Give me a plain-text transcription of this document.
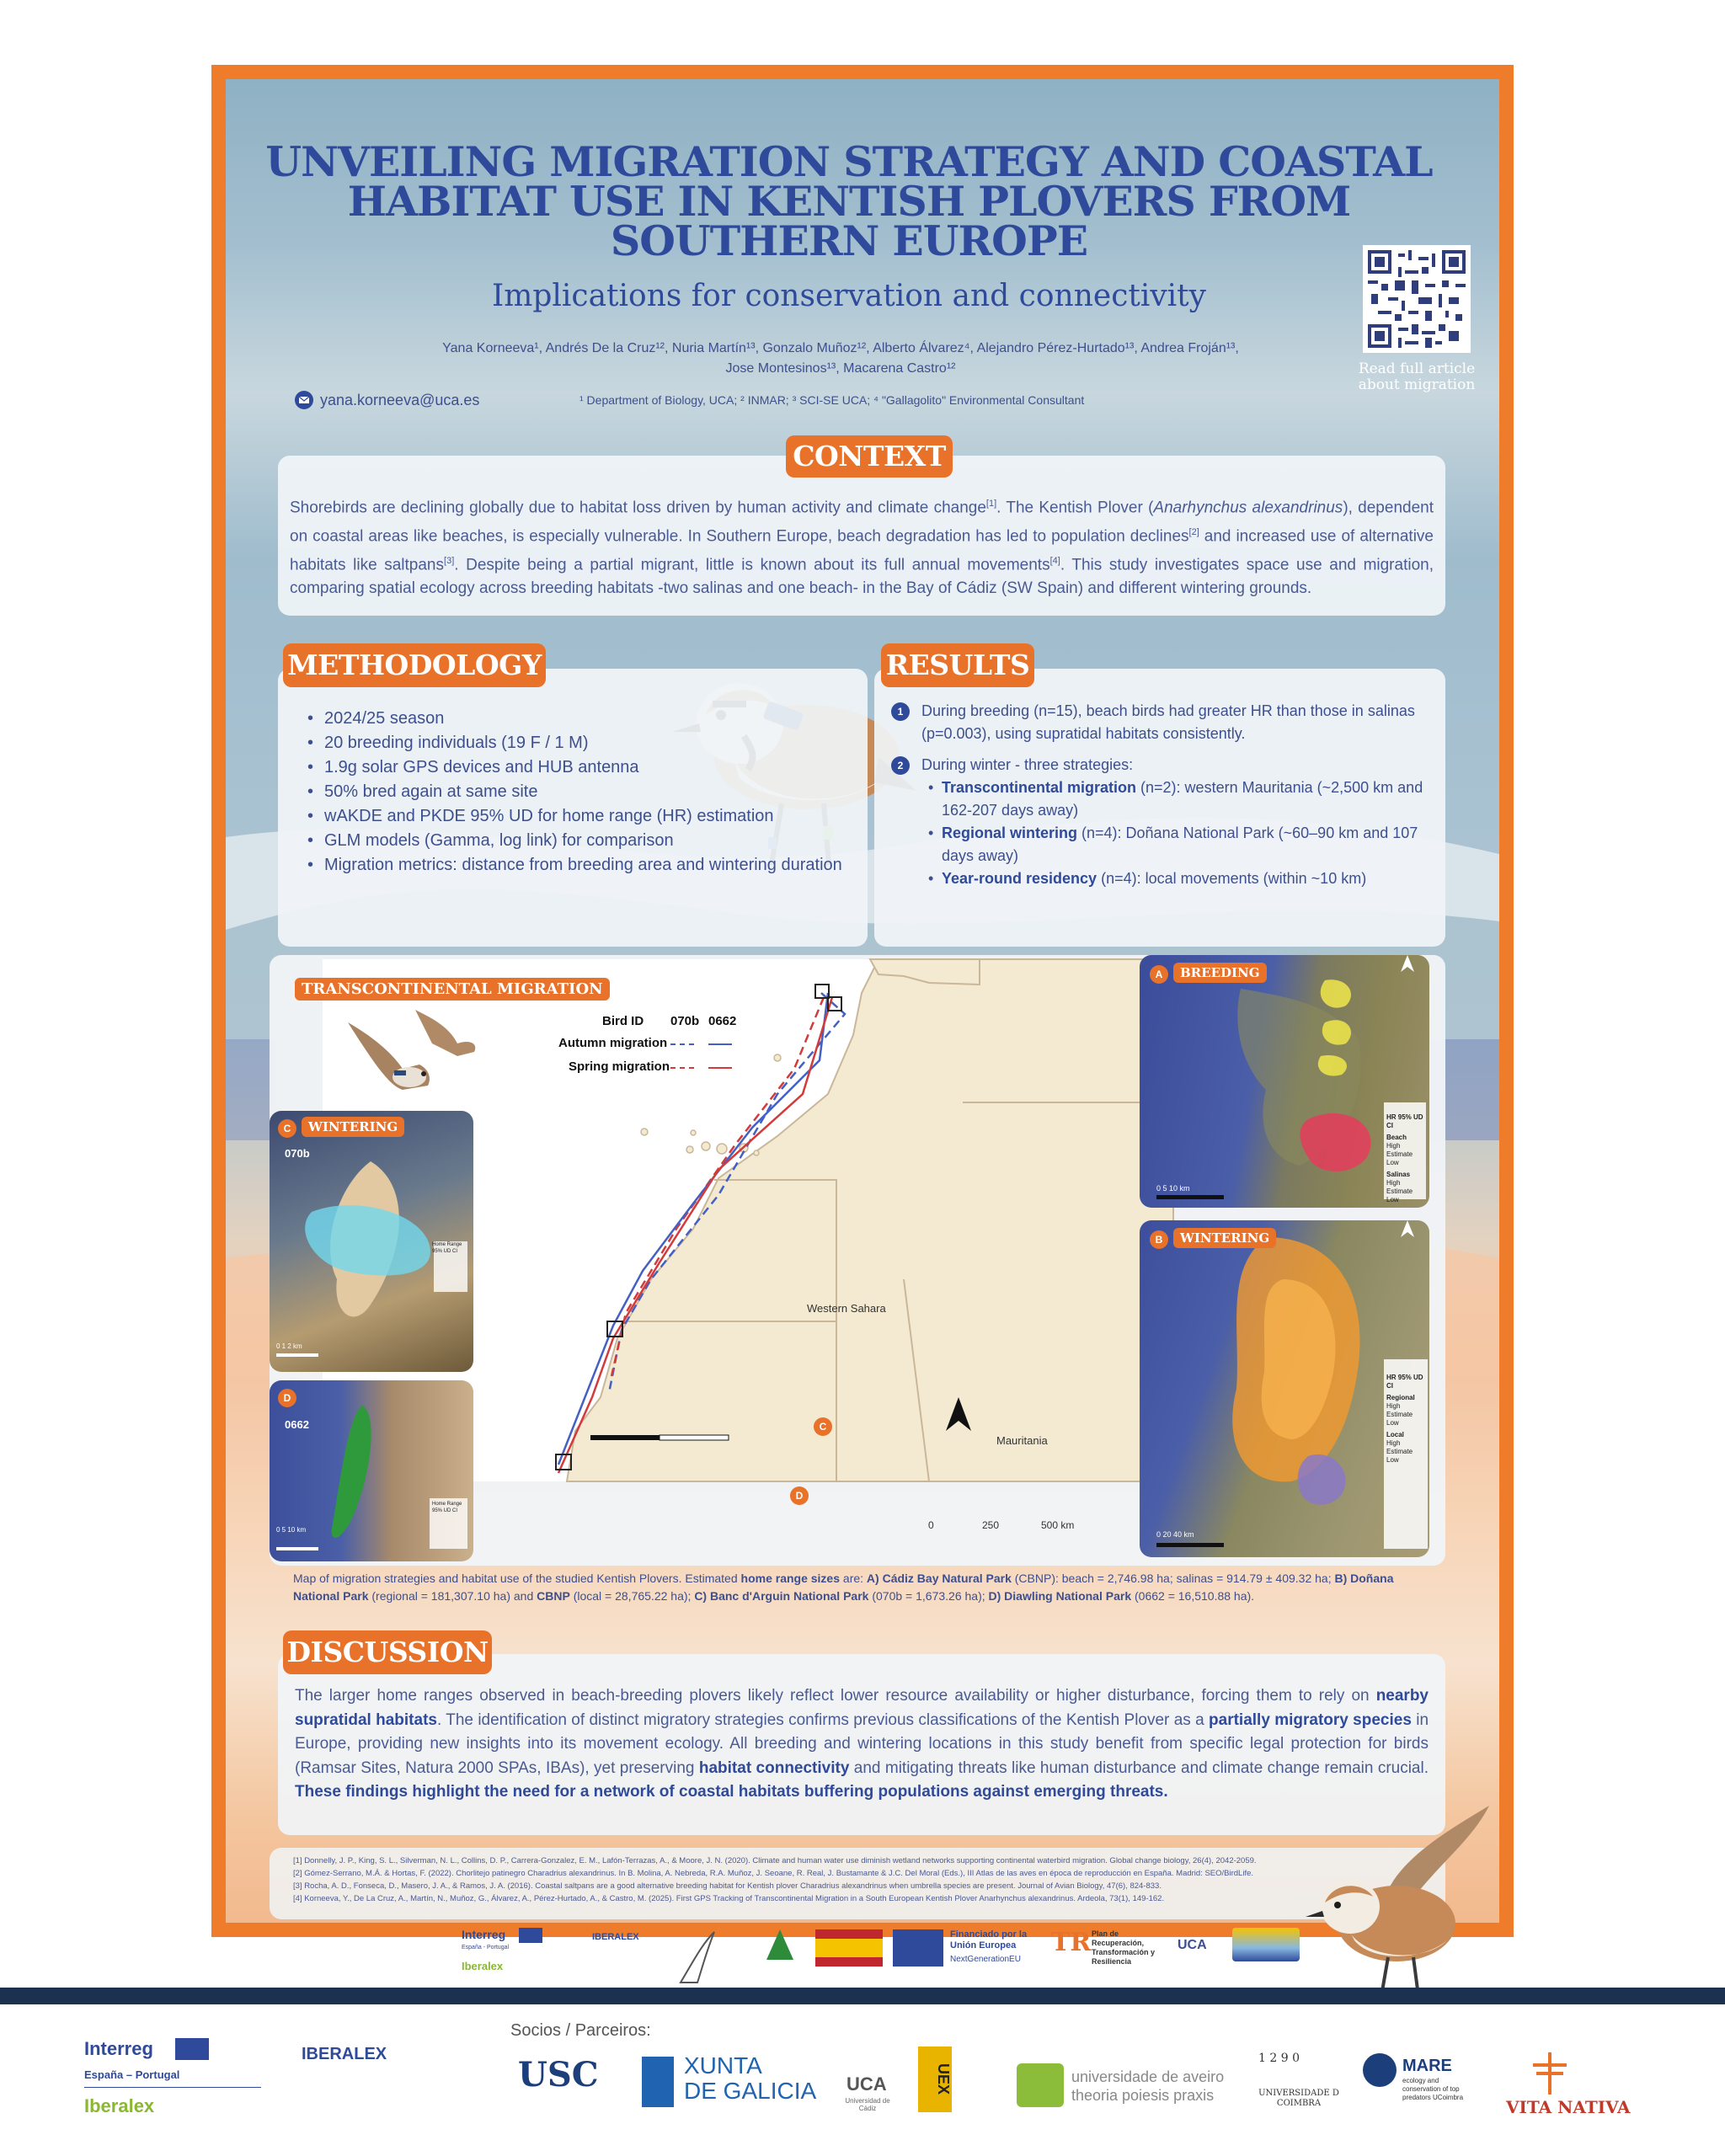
UNVEILING MIGRATION STRATEGY AND COASTAL
HABITAT USE IN KENTISH PLOVERS FROM
SOUTHERN EUROPE
Implications for conservation and connectivity
Yana Korneeva¹, Andrés De la Cruz¹², Nuria Martín¹³, Gonzalo Muñoz¹², Alberto Álvarez⁴, Alejandro Pérez-Hurtado¹³, Andrea Froján¹³,
Jose Montesinos¹³, Macarena Castro¹²
yana.korneeva@uca.es	¹ Department of Biology, UCA; ² INMAR; ³ SCI-SE UCA; ⁴ "Gallagolito" Environmental Consultant
Read full article about migration
CONTEXT
Shorebirds are declining globally due to habitat loss driven by human activity and climate change[1]. The Kentish Plover (Anarhynchus alexandrinus), dependent on coastal areas like beaches, is especially vulnerable. In Southern Europe, beach degradation has led to population declines[2] and increased use of alternative habitats like saltpans[3]. Despite being a partial migrant, little is known about its full annual movements[4]. This study investigates space use and migration, comparing spatial ecology across breeding habitats -two salinas and one beach- in the Bay of Cádiz (SW Spain) and different wintering grounds.
METHODOLOGY
• 2024/25 season
• 20 breeding individuals (19 F / 1 M)
• 1.9g solar GPS devices and HUB antenna
• 50% bred again at same site
• wAKDE and PKDE 95% UD for home range (HR) estimation
• GLM models (Gamma, log link) for comparison
• Migration metrics: distance from breeding area and wintering duration
RESULTS
1	During breeding (n=15), beach birds had greater HR than those in salinas (p=0.003), using supratidal habitats consistently.
2	During winter - three strategies:
• Transcontinental migration (n=2): western Mauritania (~2,500 km and 162-207 days away)
• Regional wintering (n=4): Doñana National Park (~60–90 km and 107 days away)
• Year-round residency (n=4): local movements (within ~10 km)
TRANSCONTINENTAL MIGRATION
Bird ID 070b 0662
Autumn migration
Spring migration
Western Sahara
Mauritania
0	250	500 km
C
D
C	WINTERING
070b
Home Range 95% UD CI
0 1 2 km
D
0662
Home Range 95% UD CI
0 5 10 km
A	BREEDING
HR 95% UD CI
Beach
High
Estimate
Low
Salinas
High
Estimate
Low
0 5 10 km
B	WINTERING
HR 95% UD CI
Regional
High
Estimate
Low
Local
High
Estimate
Low
0 20 40 km
Map of migration strategies and habitat use of the studied Kentish Plovers. Estimated home range sizes are: A) Cádiz Bay Natural Park (CBNP): beach = 2,746.98 ha; salinas = 914.79 ± 409.32 ha; B) Doñana National Park (regional = 181,307.10 ha) and CBNP (local = 28,765.22 ha); C) Banc d'Arguin National Park (070b = 1,673.26 ha); D) Diawling National Park (0662 = 16,510.88 ha).
DISCUSSION
The larger home ranges observed in beach-breeding plovers likely reflect lower resource availability or higher disturbance, forcing them to rely on nearby supratidal habitats. The identification of distinct migratory strategies confirms previous classifications of the Kentish Plover as a partially migratory species in Europe, providing new insights into its movement ecology. All breeding and wintering locations in this study benefit from specific legal protection for birds (Ramsar Sites, Natura 2000 SPAs, IBAs), yet preserving habitat connectivity and mitigating threats like human disturbance and climate change remain crucial. These findings highlight the need for a network of coastal habitats buffering populations against emerging threats.
[1] Donnelly, J. P., King, S. L., Silverman, N. L., Collins, D. P., Carrera-Gonzalez, E. M., Lafón-Terrazas, A., & Moore, J. N. (2020). Climate and human water use diminish wetland networks supporting continental waterbird migration. Global change biology, 26(4), 2042-2059.
[2] Gómez-Serrano, M.Á. & Hortas, F. (2022). Chorlitejo patinegro Charadrius alexandrinus. In B. Molina, A. Nebreda, R.A. Muñoz, J. Seoane, R. Real, J. Bustamante & J.C. Del Moral (Eds.), III Atlas de las aves en época de reproducción en España. Madrid: SEO/BirdLife.
[3] Rocha, A. D., Fonseca, D., Masero, J. A., & Ramos, J. A. (2016). Coastal saltpans are a good alternative breeding habitat for Kentish plover Charadrius alexandrinus when umbrella species are present. Journal of Avian Biology, 47(6), 824-833.
[4] Korneeva, Y., De La Cruz, A., Martín, N., Muñoz, G., Álvarez, A., Pérez-Hurtado, A., & Castro, M. (2025). First GPS Tracking of Transcontinental Migration in a South European Kentish Plover Anarhynchus alexandrinus. Ardeola, 73(1), 149-162.
Interreg
España - Portugal
Iberalex
IBERALEX	Financiado por la Unión Europea
NextGenerationEU
TR Plan de Recuperación, Transformación y Resiliencia
UCA
Interreg
España – Portugal
Iberalex
IBERALEX
Socios / Parceiros:
USC	XUNTA
DE GALICIA UCA
Universidad de Cádiz
UEX	universidade de aveiro
theoria poiesis praxis
1 2 9 0
UNIVERSIDADE D COIMBRA
MARE
ecology and conservation of top predators UCoimbra	VITA NATIVA
